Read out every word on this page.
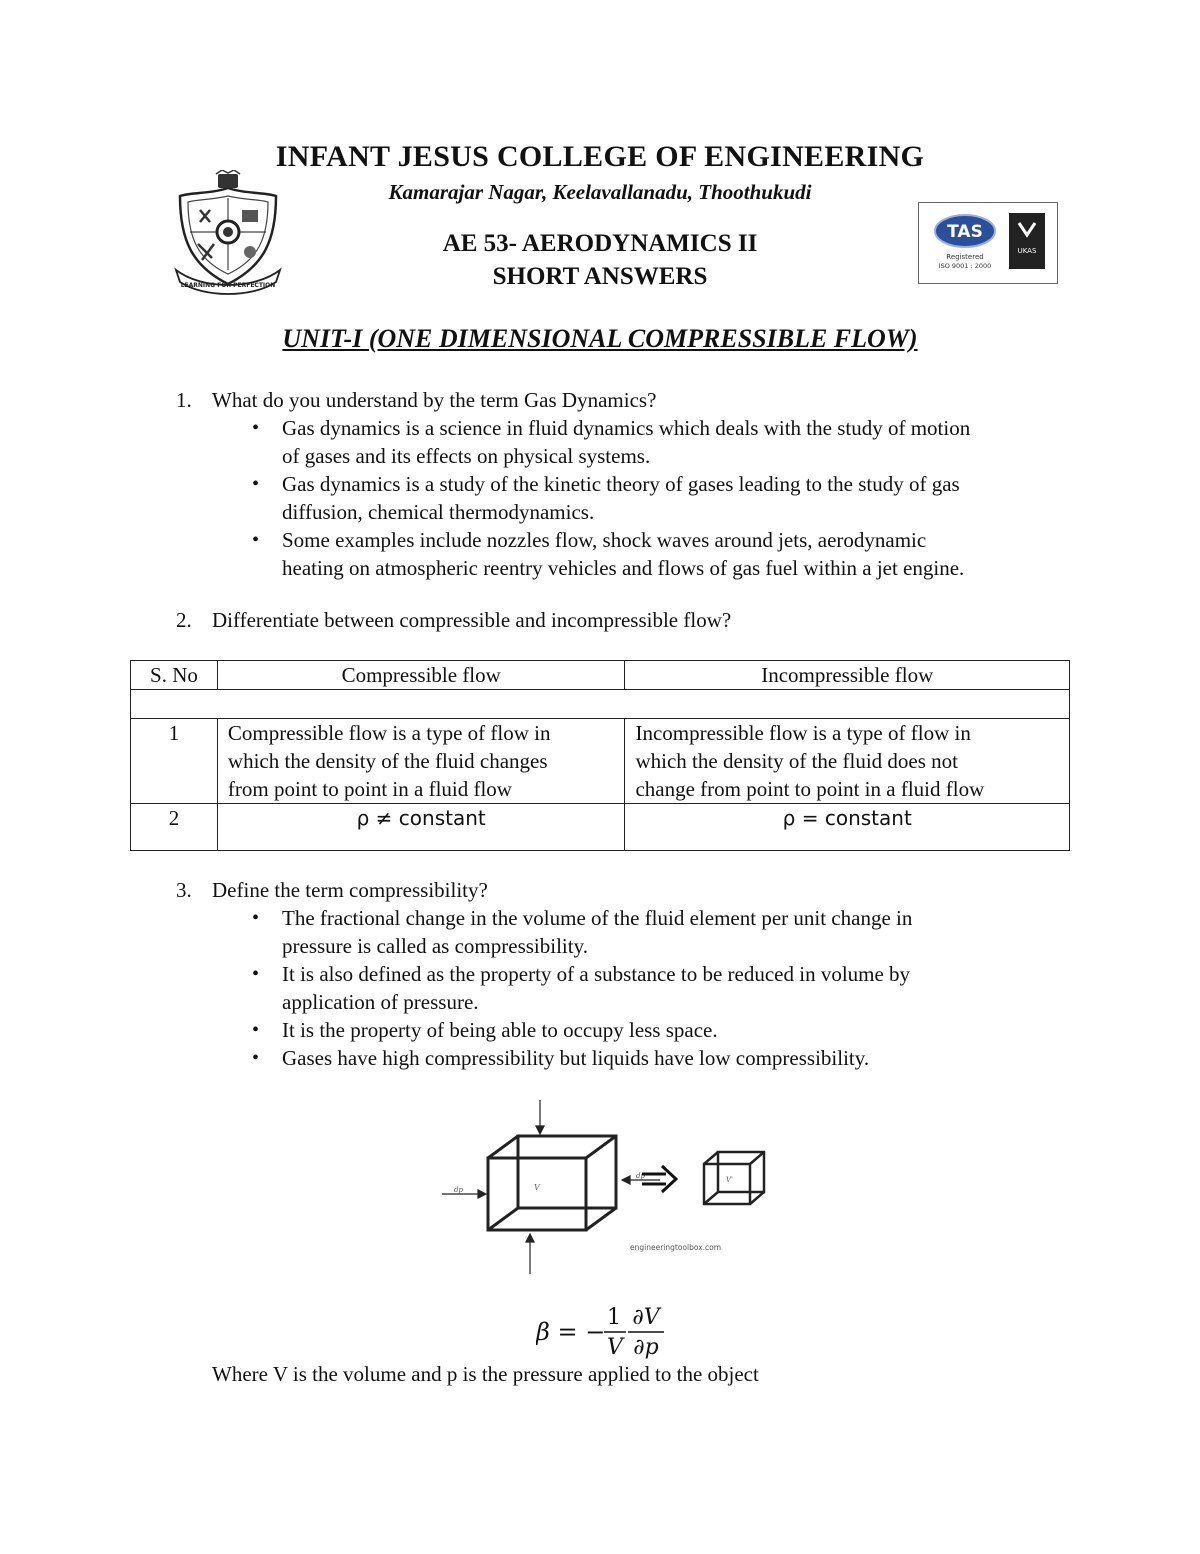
INFANT JESUS COLLEGE OF ENGINEERING
Kamarajar Nagar, Keelavallanadu, Thoothukudi
LEARNING FOR PERFECTION
TAS
Registered
ISO 9001 : 2000
UKAS
AE 53- AERODYNAMICS II
SHORT ANSWERS
UNIT-I (ONE DIMENSIONAL COMPRESSIBLE FLOW)
1. What do you understand by the term Gas Dynamics?
• Gas dynamics is a science in fluid dynamics which deals with the study of motion
of gases and its effects on physical systems.
• Gas dynamics is a study of the kinetic theory of gases leading to the study of gas
diffusion, chemical thermodynamics.
• Some examples include nozzles flow, shock waves around jets, aerodynamic
heating on atmospheric reentry vehicles and flows of gas fuel within a jet engine.
2. Differentiate between compressible and incompressible flow?
S. No	Compressible flow	Incompressible flow

1	Compressible flow is a type of flow in
which the density of the fluid changes
from point to point in a fluid flow	Incompressible flow is a type of flow in
which the density of the fluid does not
change from point to point in a fluid flow
2	ρ ≠ constant	ρ = constant
3. Define the term compressibility?
• The fractional change in the volume of the fluid element per unit change in
pressure is called as compressibility.
• It is also defined as the property of a substance to be reduced in volume by
application of pressure.
• It is the property of being able to occupy less space.
• Gases have high compressibility but liquids have low compressibility.
V
dp
dp	V'
engineeringtoolbox.com
β = −
1
V
∂V
∂p
Where V is the volume and p is the pressure applied to the object
